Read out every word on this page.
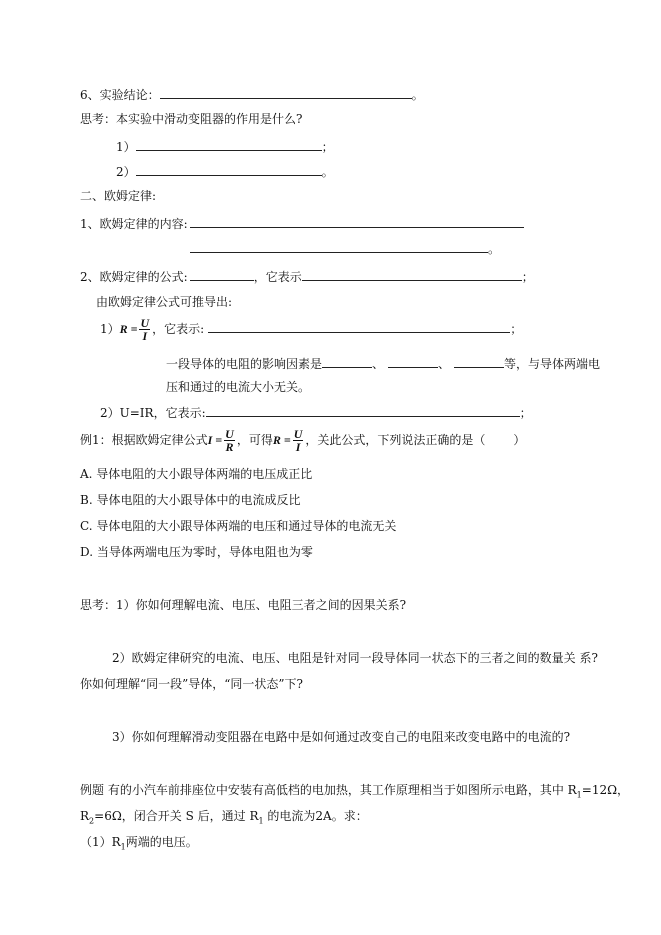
6、实验结论：	。
思考：本实验中滑动变阻器的作用是什么?
1）	；
2）	。
二、欧姆定律:
1、欧姆定律的内容:
。
2、欧姆定律的公式:	，它表示	；
由欧姆定律公式可推导出:
$1)R = \frac{U}{I}$ ，它表示:	；
一段导体的电阻的影响因素是	、	、	等，与导体两端电
压和通过的电流大小无关。
2）U=IR，它表示:	；
例1：根据欧姆定律公式$I = \frac{U}{R}$ ，可得$R = \frac{U}{I}$ ，关此公式，下列说法正确的是（ ）
A. 导体电阻的大小跟导体两端的电压成正比
B. 导体电阻的大小跟导体中的电流成反比
C. 导体电阻的大小跟导体两端的电压和通过导体的电流无关
D. 当导体两端电压为零时，导体电阻也为零
思考：1）你如何理解电流、电压、电阻三者之间的因果关系?
2）欧姆定律研究的电流、电压、电阻是针对同一段导体同一状态下的三者之间的数量关 系?
你如何理解“同一段”导体，“同一状态”下?
3）你如何理解滑动变阻器在电路中是如何通过改变自己的电阻来改变电路中的电流的?
例题 有的小汽车前排座位中安装有高低档的电加热，其工作原理相当于如图所示电路，其中 $R_1=12\Omega$，
$R_2=6\Omega$，闭合开关 S 后，通过 $R_1$ 的电流为2A。求：
$(1)R_1$两端的电压。
